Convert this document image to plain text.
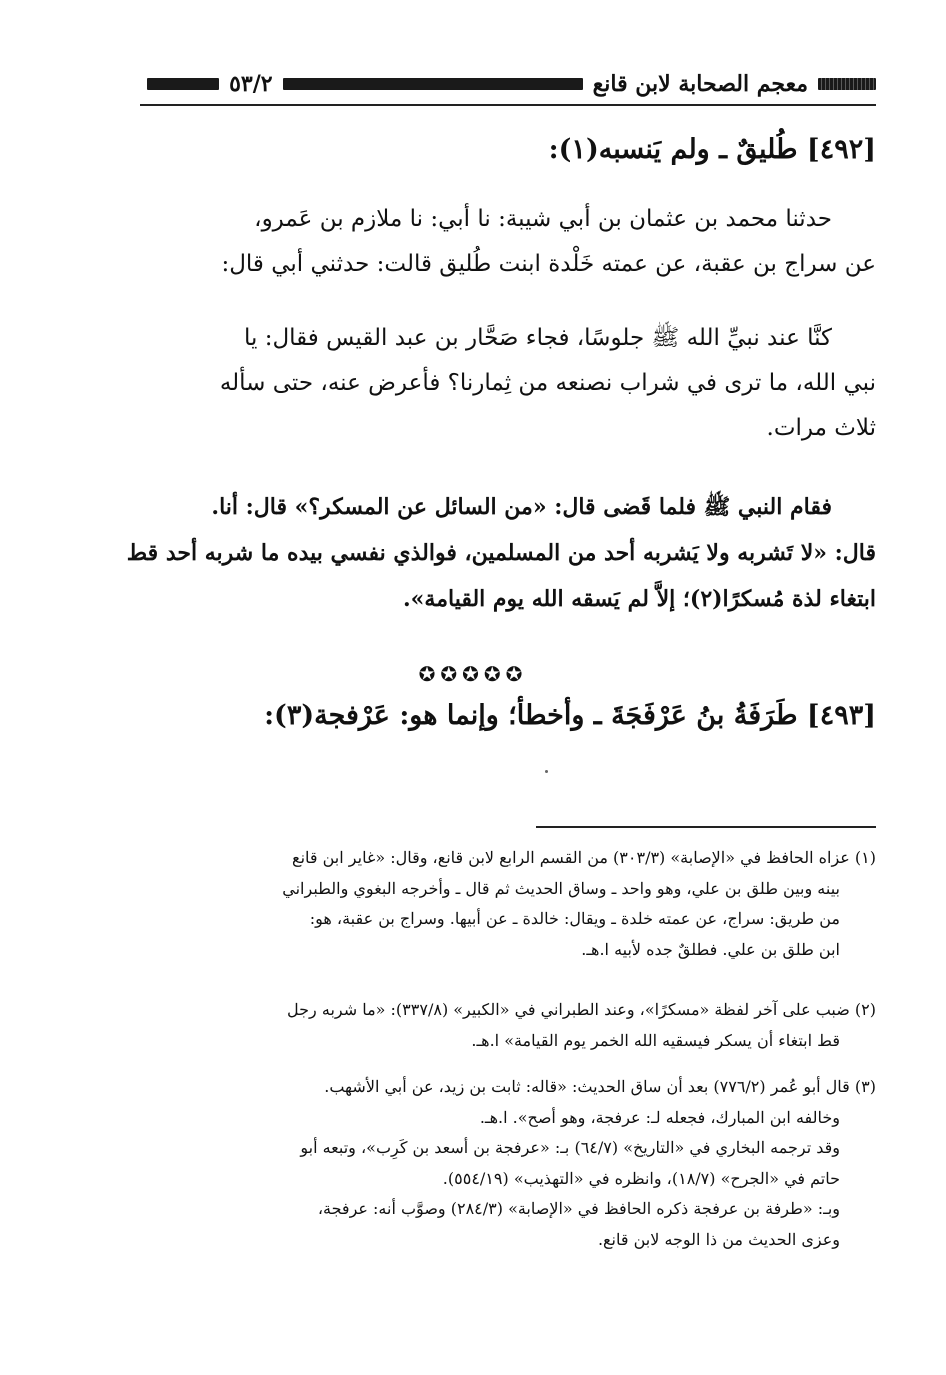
معجم الصحابة لابن قانع
٥٣/٢
[٤٩٢] طُليقٌ ـ ولم يَنسبه(١):
حدثنا محمد بن عثمان بن أبي شيبة: نا أبي: نا ملازم بن عَمرو،
عن سراج بن عقبة، عن عمته خَلْدة ابنت طُليق قالت: حدثني أبي قال:
كنَّا عند نبيِّ الله ﷺ جلوسًا، فجاء صَحَّار بن عبد القيس فقال: يا
نبي الله، ما ترى في شراب نصنعه من ثِمارنا؟ فأعرض عنه، حتى سأله
ثلاث مرات.
فقام النبي ﷺ فلما قَضى قال: «من السائل عن المسكر؟» قال: أنا.
قال: «لا تَشربه ولا يَشربه أحد من المسلمين، فوالذي نفسي بيده ما شربه أحد قط
ابتغاء لذة مُسكرًا(٢)؛ إلاَّ لم يَسقه الله يوم القيامة».
✪✪✪✪✪
[٤٩٣] طَرَفَةُ بنُ عَرْفَجَةَ ـ وأخطأ؛ وإنما هو: عَرْفجة(٣):
(١) عزاه الحافظ في «الإصابة» (٣٠٣/٣) من القسم الرابع لابن قانع، وقال: «غاير ابن قانع
بينه وبين طلق بن علي، وهو واحد ـ وساق الحديث ثم قال ـ وأخرجه البغوي والطبراني
من طريق: سراج، عن عمته خلدة ـ ويقال: خالدة ـ عن أبيها. وسراج بن عقبة، هو:
ابن طلق بن علي. فطلقٌ جده لأبيه ا.هـ.
(٢) ضبب على آخر لفظة «مسكرًا»، وعند الطبراني في «الكبير» (٣٣٧/٨): «ما شربه رجل
قط ابتغاء أن يسكر فيسقيه الله الخمر يوم القيامة» ا.هـ.
(٣) قال أبو عُمر (٧٧٦/٢) بعد أن ساق الحديث: «قاله: ثابت بن زيد، عن أبي الأشهب.
وخالفه ابن المبارك، فجعله لـ: عرفجة، وهو أصح». ا.هـ.
وقد ترجمه البخاري في «التاريخ» (٦٤/٧) بـ: «عرفجة بن أسعد بن كَرِب»، وتبعه أبو
حاتم في «الجرح» (١٨/٧)، وانظره في «التهذيب» (٥٥٤/١٩).
وبـ: «طرفة بن عرفجة ذكره الحافظ في «الإصابة» (٢٨٤/٣) وصوَّب أنه: عرفجة،
وعزى الحديث من ذا الوجه لابن قانع.
